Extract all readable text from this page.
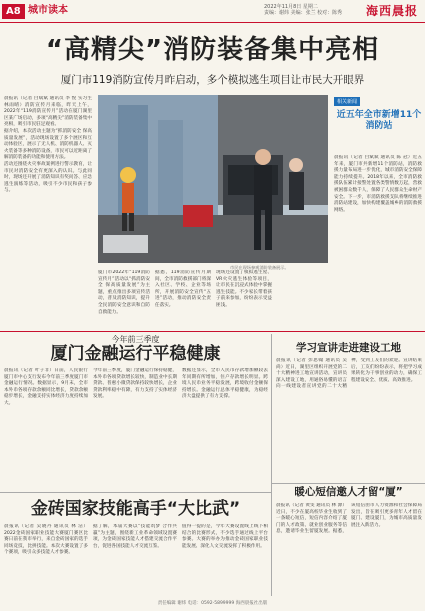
A8 城市读本	2022年11月8日 星期二
责编：谢炜 美编：张兰 校对：陈秀	海西晨报
“高精尖”消防装备集中亮相
厦门市119消防宣传月昨启动，多个模拟逃生项目让市民大开眼界
晨报讯（记者 白斌斌 通讯员 李 悦 实习生 林雨晴）消防宣传月来临，昨天上午，2022年“119消防宣传月”活动在厦门湖里区某广场启动，多项“高精尖”消防装备集中亮相，吸引市民驻足观看。
据介绍，本次活动主题为“抓消防安全 保高质量发展”，活动现场设置了多个展区和互动体验区，展示了无人机、消防机器人、灭火装备等多种消防设备，市民可以近距离了解消防装备的功能和使用方法。
活动还围绕火灾事故案例进行警示教育，让市民对消防安全有更深入的认识。与此同时，现场还开展了消防知识有奖问答、应急逃生演练等活动，吸引不少市民和孩子参与。
市民在现场参观消防装备展示。
厦门市2022年“119消防宣传月”活动以“抓消防安全 保高质量发展”为主题，重点推出多项宣传活动，普及消防知识，提升全民消防安全意识和自防自救能力。
据悉，119消防宣传月期间，全市消防救援部门将深入社区、学校、企业等场所，开展消防安全宣传“五进”活动，推动消防安全责任落实。
现场还设置了模拟逃生屋、VR火灾逃生体验等项目，让市民在沉浸式体验中掌握逃生技能。不少家长带着孩子前来参加，纷纷表示受益匪浅。
相关新闻
近五年全市新增11个消防站
晨报讯（记者 白斌斌 通讯员 陈 冠）近五年来，厦门市共新增11个消防站，消防救援力量布局进一步优化，城市消防安全保障能力持续提升。2018年以来，全市消防救援队伍累计接警处置各类警情数万起，营救被困群众数千人，保障了人民群众生命财产安全。下一步，市消防救援支队将继续推进消防站建设，加快构建覆盖城乡的消防救援网络。
今年前三季度
厦门金融运行平稳健康
晨报讯（记者 叶子非）日前，人民银行厦门市中心支行发布今年前三季度厦门市金融运行情况。数据显示，9月末，全市本外币各项存款余额同比增长，贷款余额稳步增长，金融支持实体经济力度持续加大。
今年前三季度，厦门金融运行保持稳健，本外币各项贷款增长较快，制造业中长期贷款、普惠小微贷款保持较快增长，企业贷款利率稳中有降，有力支持了实体经济发展。
数据还显示，全市人民币存款增加额较去年同期有所增加，住户存款增长明显。跨境人民币业务平稳发展，跨境收付金额保持增长。金融运行总体平稳健康，为稳经济大盘提供了有力支撑。
学习宣讲走进建设工地
晨报讯（记者 彭思翰 通讯员 吴 尚）近日，湖里区组织开展党的二十大精神进工地宣讲活动，宣讲员深入建设工地，用通俗易懂的语言向一线建设者宣讲党的二十大精神，受到工友们的欢迎。宣讲结束后，工友们纷纷表示，将把学习成果转化为干事创业的动力，确保工程建设安全、优质、高效推进。
金砖国家技能高手“大比武”
晨报讯（记者 吴晓丹 通讯员 林 洁）2022金砖国家职业技能大赛厦门赛区比赛日前在我市举行，来自金砖国家的选手同场竞技，比拼技能。本次大赛设置了多个赛项，吸引众多技能人才参赛。
据了解，本届大赛以“技能筑梦 合作共赢”为主题，围绕新工业革命领域设置赛项，为金砖国家技能人才搭建交流合作平台，促进各国技能人才交流互鉴。
值得一提的是，今年大赛设置线上线下相结合的比赛形式，不少选手通过线上平台参赛。大赛的举办为推动金砖国家职业技能发展、深化人文交流发挥了积极作用。
暖心短信邀人才留“厦”
晨报讯（记者 黄雯 通讯员 林 源）近日，不少在厦高校毕业生收到了一条暖心短信，短信内容介绍了厦门的人才政策、就业创业服务等信息，邀请毕业生留厦发展。据悉，该短信由市人力资源和社会保障局发出，旨在吸引更多青年人才留在厦门、建设厦门，为城市高质量发展注入新活力。
责任编辑 谢炜 电话：0592-5899999 海西晨报社出版
